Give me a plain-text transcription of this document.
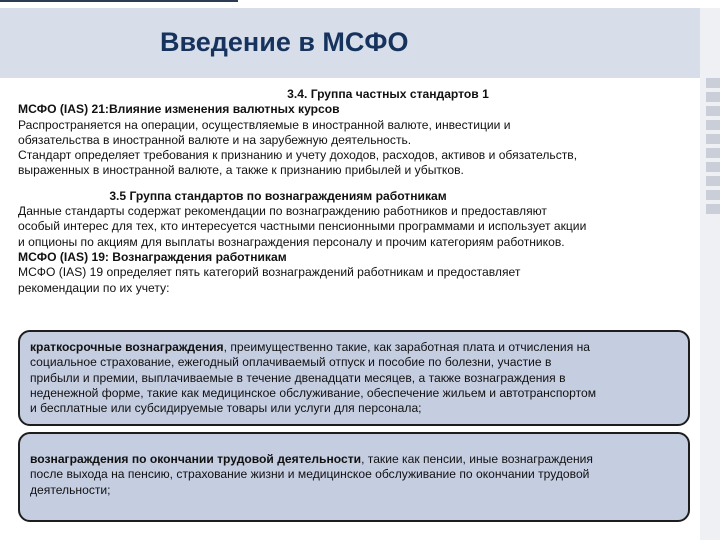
Введение в МСФО

3.4. Группа частных стандартов 1

МСФО (IAS) 21:Влияние изменения валютных курсов

Распространяется на операции, осуществляемые в иностранной валюте, инвестиции и

обязательства в иностранной валюте и на зарубежную деятельность.

Стандарт определяет требования к признанию и учету доходов, расходов, активов и обязательств,

выраженных в иностранной валюте, а также к признанию прибылей и убытков.

3.5 Группа стандартов по вознаграждениям работникам

Данные стандарты содержат рекомендации по вознаграждению работников и предоставляют

особый интерес для тех, кто интересуется частными пенсионными программами и использует акции

и опционы по акциям для выплаты вознаграждения персоналу и прочим категориям работников.

МСФО (IAS) 19: Вознаграждения работникам

МСФО (IAS) 19 определяет пять категорий вознаграждений работникам и предоставляет

рекомендации по их учету:

краткосрочные вознаграждения, преимущественно такие, как заработная плата и отчисления на
социальное страхование, ежегодный оплачиваемый отпуск и пособие по болезни, участие в
прибыли и премии, выплачиваемые в течение двенадцати месяцев, а также вознаграждения в
неденежной форме, такие как медицинское обслуживание, обеспечение жильем и автотранспортом
и бесплатные или субсидируемые товары или услуги для персонала;
вознаграждения по окончании трудовой деятельности, такие как пенсии, иные вознаграждения
после выхода на пенсию, страхование жизни и медицинское обслуживание по окончании трудовой
деятельности;
